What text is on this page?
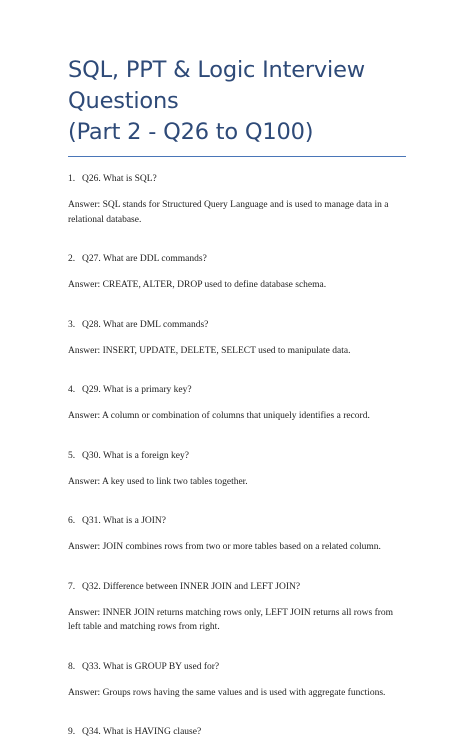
SQL, PPT & Logic Interview Questions
(Part 2 - Q26 to Q100)

1. Q26. What is SQL?

Answer: SQL stands for Structured Query Language and is used to manage data in a relational database.

2. Q27. What are DDL commands?

Answer: CREATE, ALTER, DROP used to define database schema.

3. Q28. What are DML commands?

Answer: INSERT, UPDATE, DELETE, SELECT used to manipulate data.

4. Q29. What is a primary key?

Answer: A column or combination of columns that uniquely identifies a record.

5. Q30. What is a foreign key?

Answer: A key used to link two tables together.

6. Q31. What is a JOIN?

Answer: JOIN combines rows from two or more tables based on a related column.

7. Q32. Difference between INNER JOIN and LEFT JOIN?

Answer: INNER JOIN returns matching rows only, LEFT JOIN returns all rows from left table and matching rows from right.

8. Q33. What is GROUP BY used for?

Answer: Groups rows having the same values and is used with aggregate functions.

9. Q34. What is HAVING clause?
